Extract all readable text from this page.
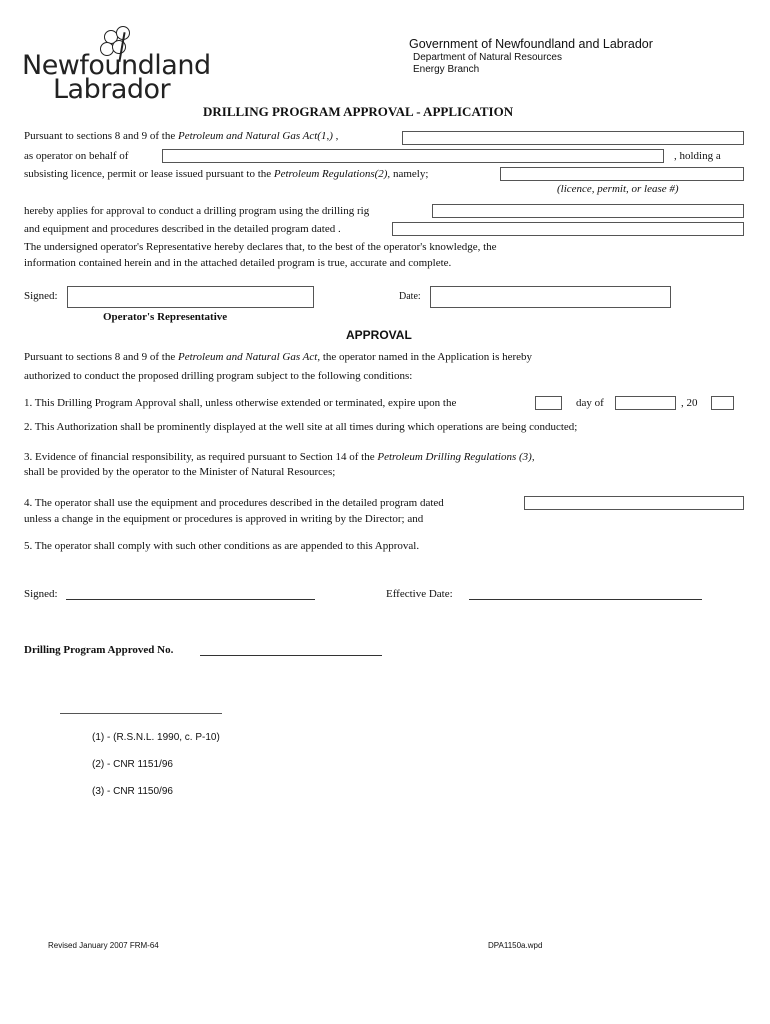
Newfoundland
Labrador
Government of Newfoundland and Labrador
Department of Natural Resources
Energy Branch
DRILLING PROGRAM APPROVAL - APPLICATION
Pursuant to sections 8 and 9 of the Petroleum and Natural Gas Act(1,) ,
as operator on behalf of	, holding a
subsisting licence, permit or lease issued pursuant to the Petroleum Regulations(2), namely;
(licence, permit, or lease #)
hereby applies for approval to conduct a drilling program using the drilling rig
and equipment and procedures described in the detailed program dated .
The undersigned operator's Representative hereby declares that, to the best of the operator's knowledge, the
information contained herein and in the attached detailed program is true, accurate and complete.
Signed:	Date:
Operator's Representative
APPROVAL
Pursuant to sections 8 and 9 of the Petroleum and Natural Gas Act, the operator named in the Application is hereby
authorized to conduct the proposed drilling program subject to the following conditions:
1. This Drilling Program Approval shall, unless otherwise extended or terminated, expire upon the	day of	, 20
2. This Authorization shall be prominently displayed at the well site at all times during which operations are being conducted;
3. Evidence of financial responsibility, as required pursuant to Section 14 of the Petroleum Drilling Regulations (3),
shall be provided by the operator to the Minister of Natural Resources;
4. The operator shall use the equipment and procedures described in the detailed program dated
unless a change in the equipment or procedures is approved in writing by the Director; and
5. The operator shall comply with such other conditions as are appended to this Approval.
Signed:	Effective Date:
Drilling Program Approved No.
(1) - (R.S.N.L. 1990, c. P-10)
(2) - CNR 1151/96
(3) - CNR 1150/96
Revised January 2007 FRM-64	DPA1150a.wpd
